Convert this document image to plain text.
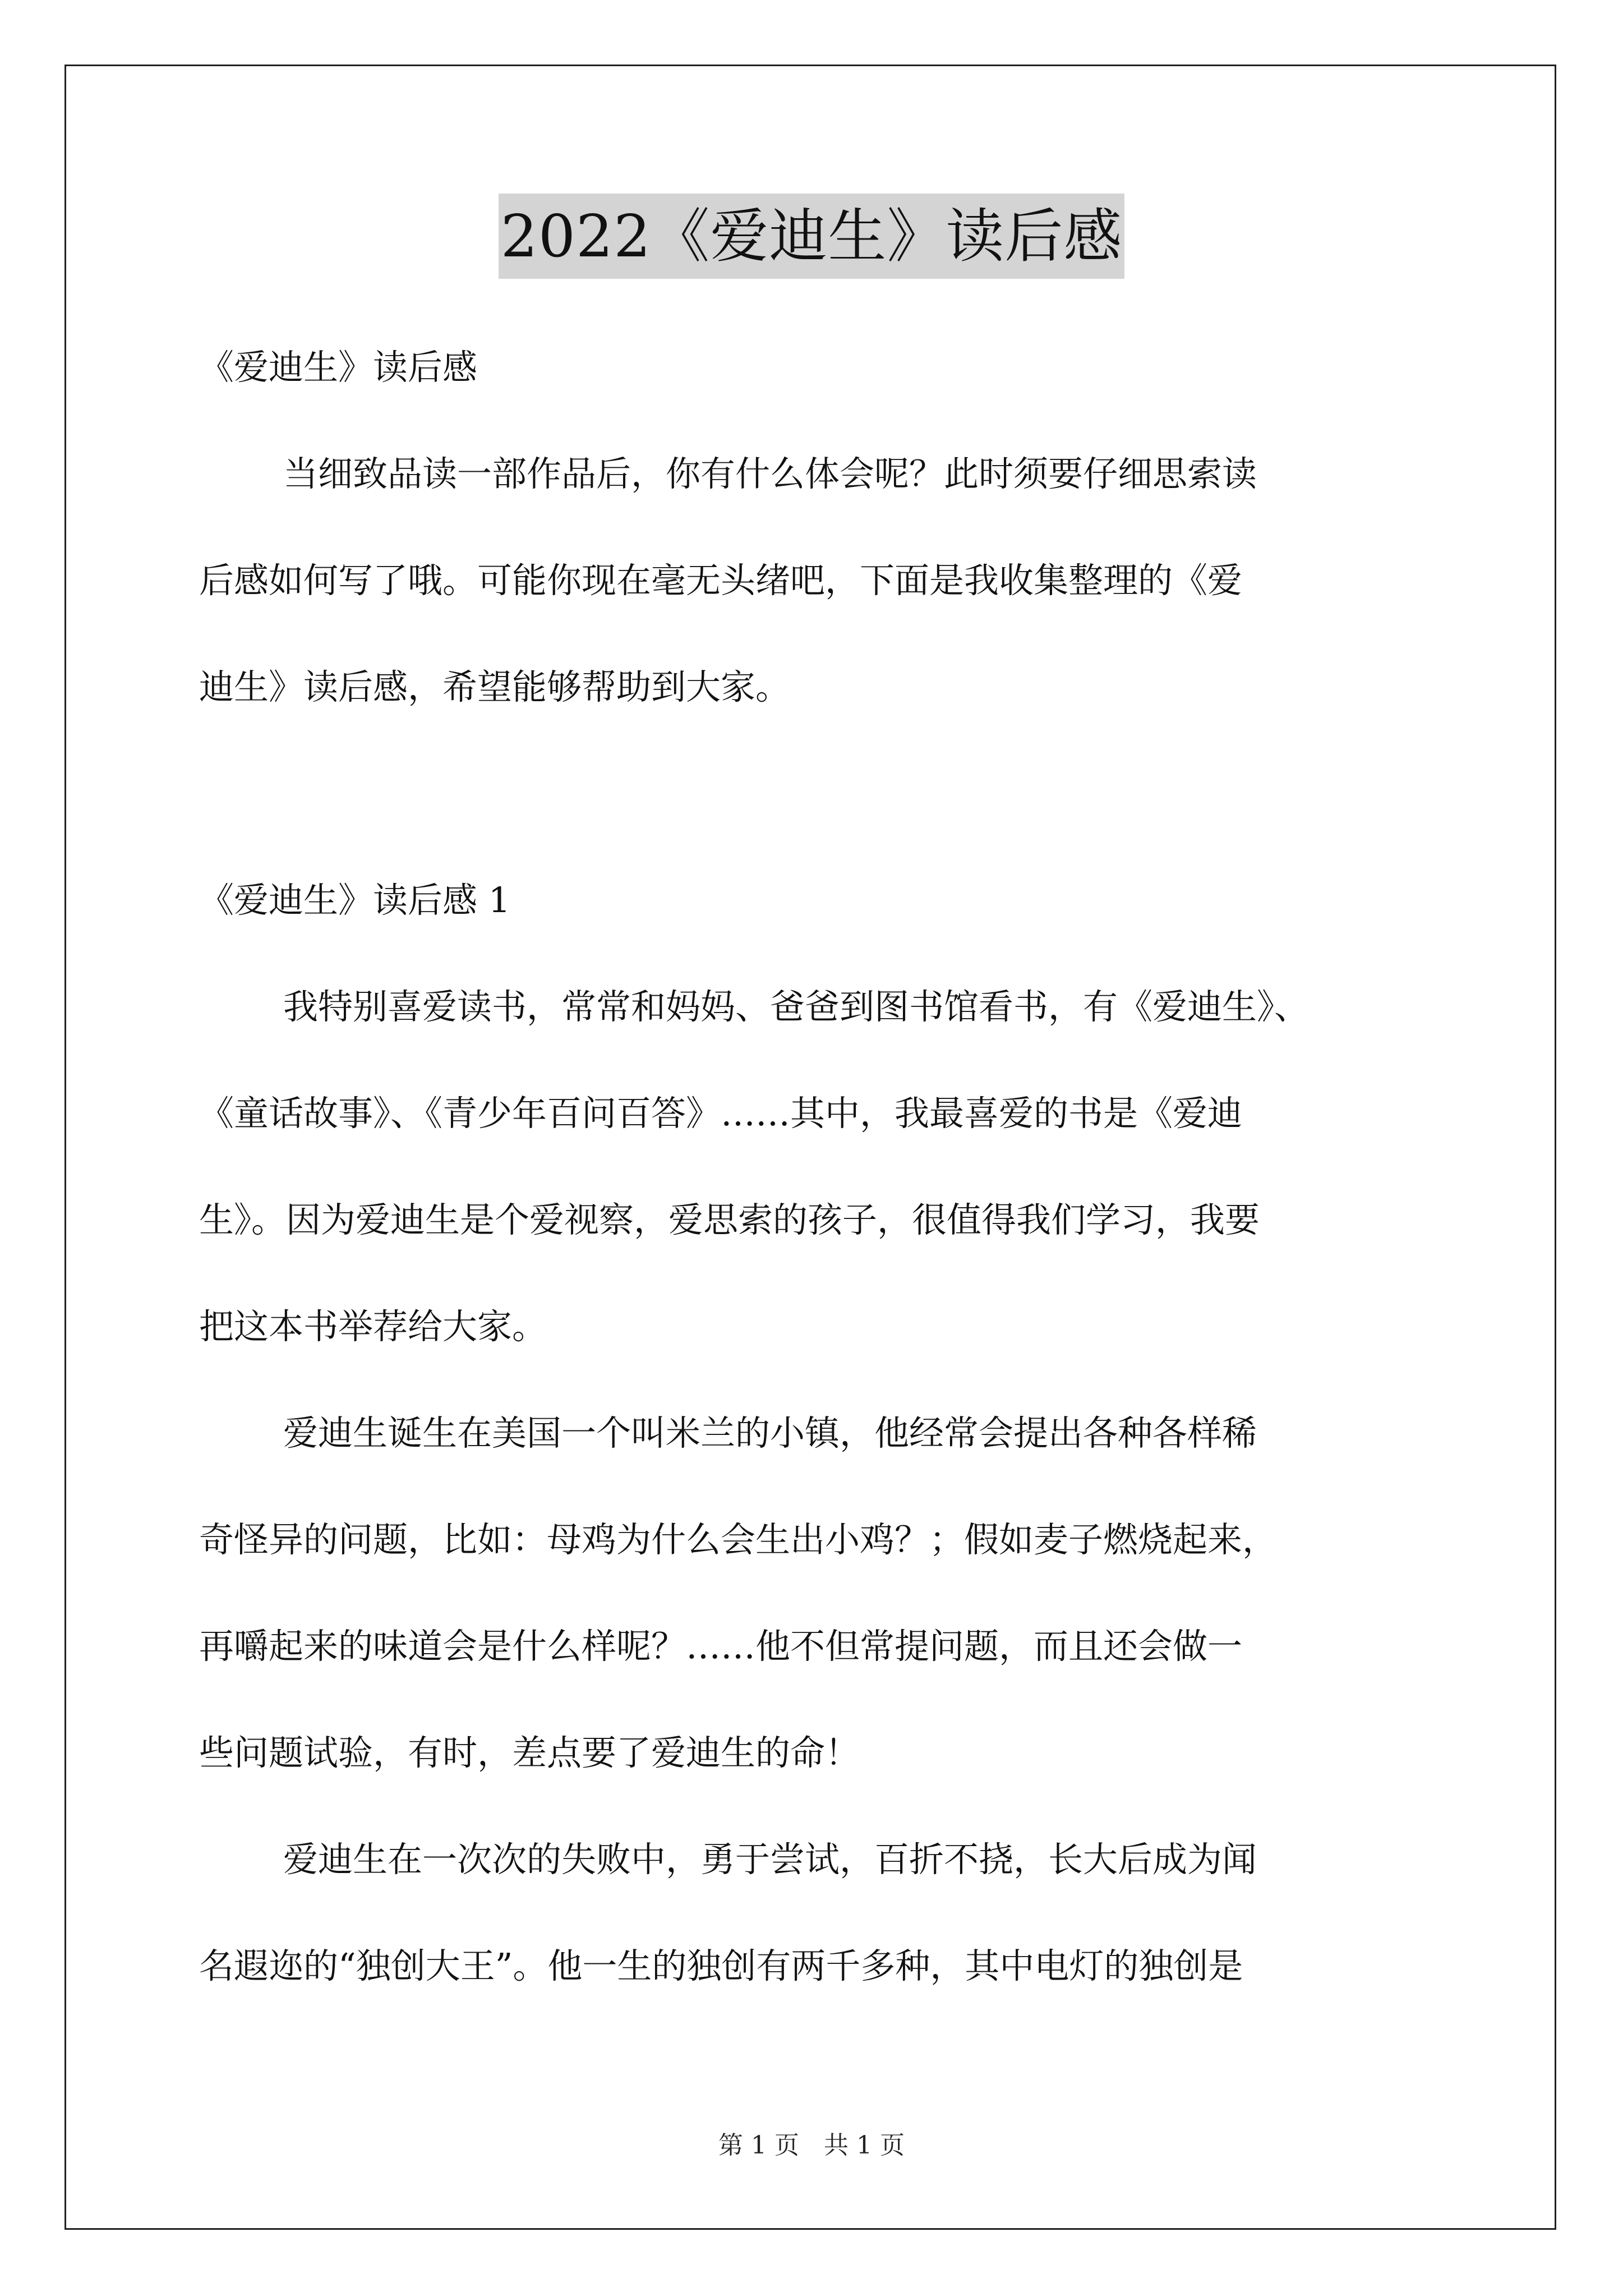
2022《爱迪生》读后感
《爱迪生》读后感
当细致品读一部作品后，你有什么体会呢？此时须要仔细思索读
后感如何写了哦。可能你现在毫无头绪吧，下面是我收集整理的《爱
迪生》读后感，希望能够帮助到大家。
《爱迪生》读后感 1
我特别喜爱读书，常常和妈妈、爸爸到图书馆看书，有《爱迪生》、
《童话故事》、《青少年百问百答》……其中，我最喜爱的书是《爱迪
生》。因为爱迪生是个爱视察，爱思索的孩子，很值得我们学习，我要
把这本书举荐给大家。
爱迪生诞生在美国一个叫米兰的小镇，他经常会提出各种各样稀
奇怪异的问题，比如：母鸡为什么会生出小鸡？；假如麦子燃烧起来，
再嚼起来的味道会是什么样呢？……他不但常提问题，而且还会做一
些问题试验，有时，差点要了爱迪生的命！
爱迪生在一次次的失败中，勇于尝试，百折不挠，长大后成为闻
名遐迩的“独创大王”。他一生的独创有两千多种，其中电灯的独创是
第 1 页　共 1 页
